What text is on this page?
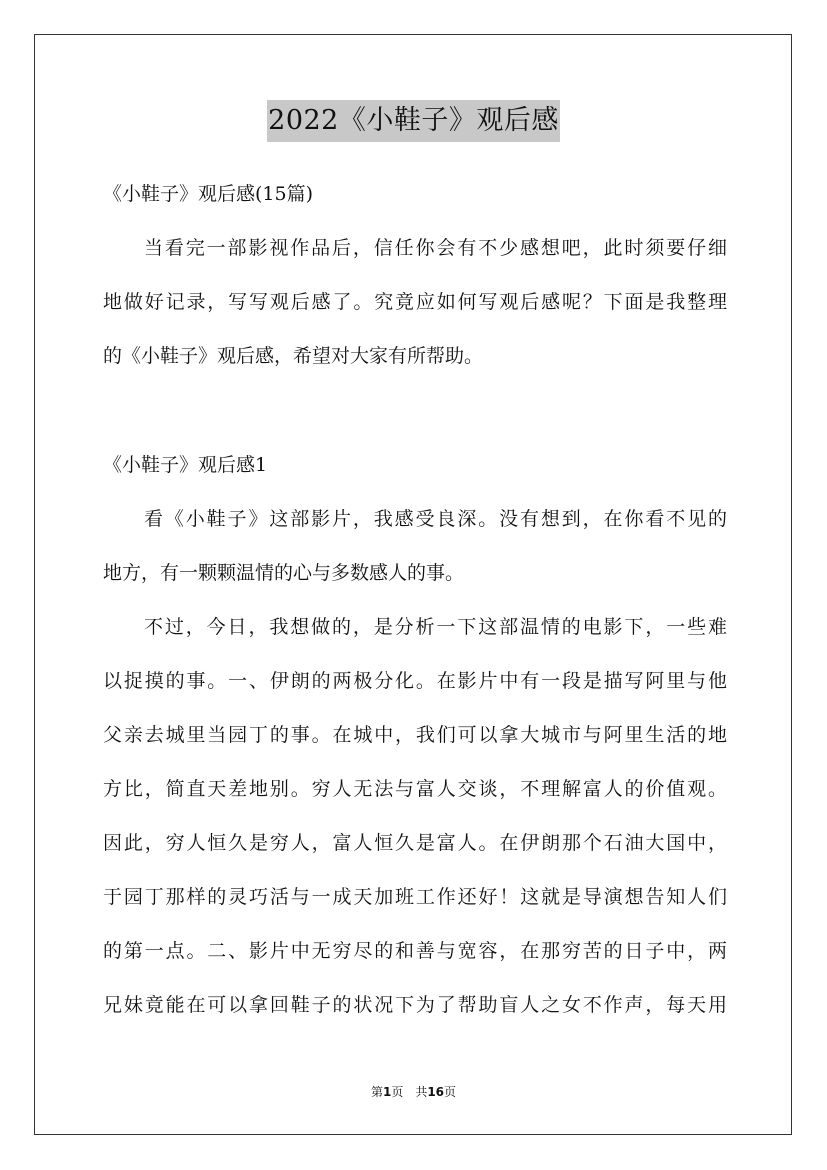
2022《小鞋子》观后感
《小鞋子》观后感(15篇)
当看完一部影视作品后，信任你会有不少感想吧，此时须要仔细
地做好记录，写写观后感了。究竟应如何写观后感呢？下面是我整理
的《小鞋子》观后感，希望对大家有所帮助。
《小鞋子》观后感1
看《小鞋子》这部影片，我感受良深。没有想到，在你看不见的
地方，有一颗颗温情的心与多数感人的事。
不过，今日，我想做的，是分析一下这部温情的电影下，一些难
以捉摸的事。一、伊朗的两极分化。在影片中有一段是描写阿里与他
父亲去城里当园丁的事。在城中，我们可以拿大城市与阿里生活的地
方比，简直天差地别。穷人无法与富人交谈，不理解富人的价值观。
因此，穷人恒久是穷人，富人恒久是富人。在伊朗那个石油大国中，
于园丁那样的灵巧活与一成天加班工作还好！这就是导演想告知人们
的第一点。二、影片中无穷尽的和善与宽容，在那穷苦的日子中，两
兄妹竟能在可以拿回鞋子的状况下为了帮助盲人之女不作声，每天用
第1页　共16页
